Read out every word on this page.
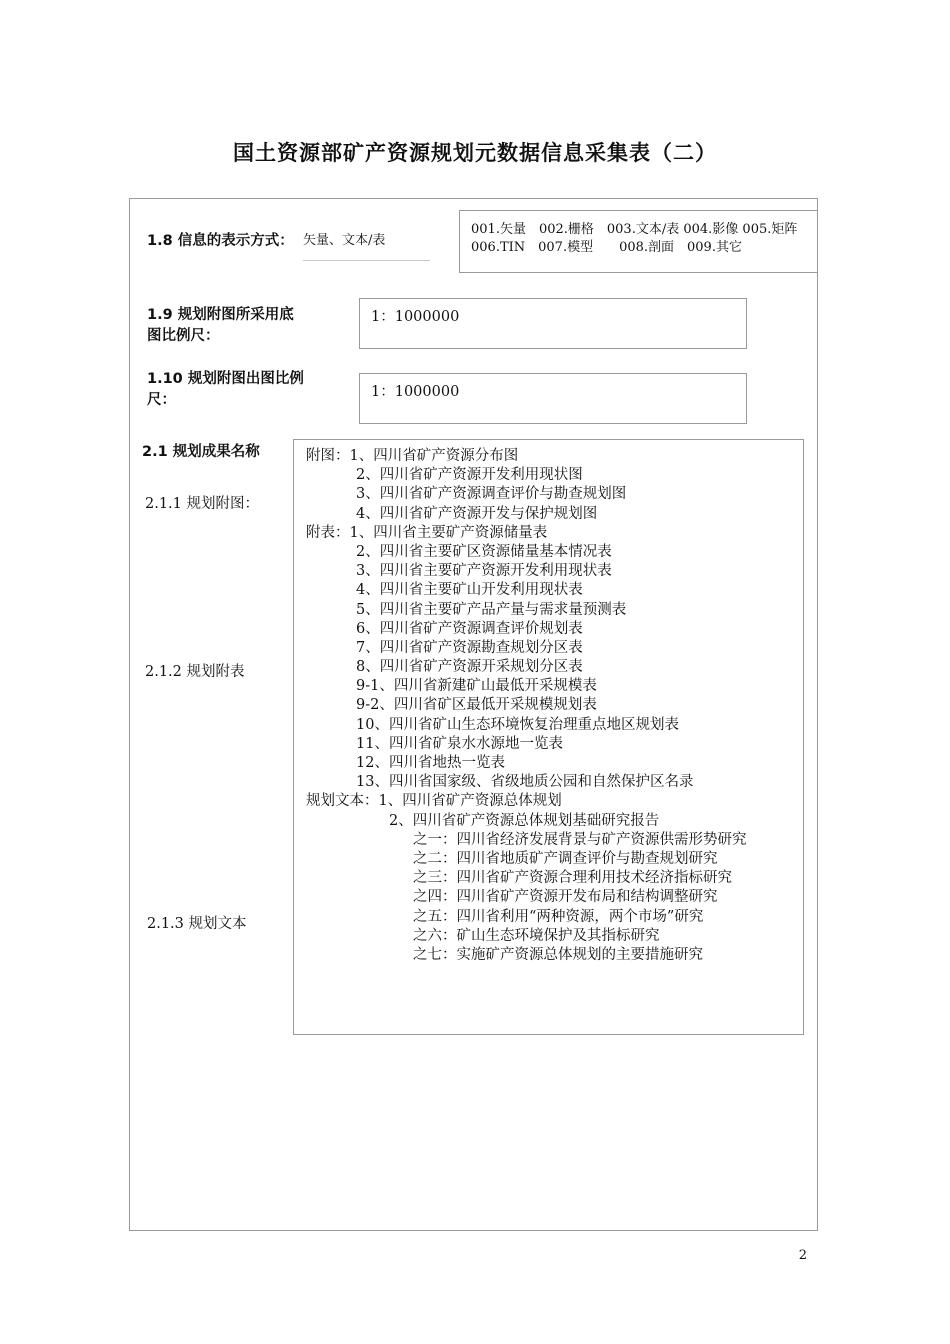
国土资源部矿产资源规划元数据信息采集表（二）
1.8 信息的表示方式： 矢量、文本/表
001.矢量　002.栅格　003.文本/表 004.影像 005.矩阵
006.TIN　007.模型　　008.剖面　009.其它
1.9 规划附图所采用底
图比例尺：
1：1000000
1.10 规划附图出图比例
尺：	1：1000000
2.1 规划成果名称
2.1.1 规划附图：
2.1.2 规划附表
2.1.3 规划文本
附图：1、四川省矿产资源分布图
2、四川省矿产资源开发利用现状图
3、四川省矿产资源调查评价与勘查规划图
4、四川省矿产资源开发与保护规划图
附表：1、四川省主要矿产资源储量表
2、四川省主要矿区资源储量基本情况表
3、四川省主要矿产资源开发利用现状表
4、四川省主要矿山开发利用现状表
5、四川省主要矿产品产量与需求量预测表
6、四川省矿产资源调查评价规划表
7、四川省矿产资源勘查规划分区表
8、四川省矿产资源开采规划分区表
9-1、四川省新建矿山最低开采规模表
9-2、四川省矿区最低开采规模规划表
10、四川省矿山生态环境恢复治理重点地区规划表
11、四川省矿泉水水源地一览表
12、四川省地热一览表
13、四川省国家级、省级地质公园和自然保护区名录
规划文本：1、四川省矿产资源总体规划
2、四川省矿产资源总体规划基础研究报告
之一：四川省经济发展背景与矿产资源供需形势研究
之二：四川省地质矿产调查评价与勘查规划研究
之三：四川省矿产资源合理利用技术经济指标研究
之四：四川省矿产资源开发布局和结构调整研究
之五：四川省利用“两种资源，两个市场”研究
之六：矿山生态环境保护及其指标研究
之七：实施矿产资源总体规划的主要措施研究
2
